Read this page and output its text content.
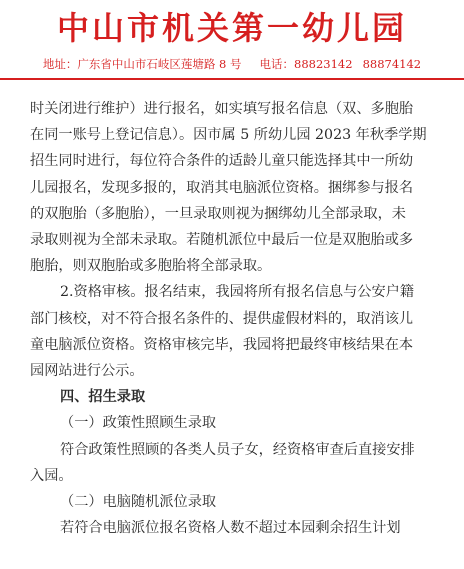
中山市机关第一幼儿园
地址：广东省中山市石岐区莲塘路 8 号 电话：88823142 88874142

时关闭进行维护）进行报名，如实填写报名信息（双、多胞胎

在同一账号上登记信息）。因市属 5 所幼儿园 2023 年秋季学期

招生同时进行，每位符合条件的适龄儿童只能选择其中一所幼

儿园报名，发现多报的，取消其电脑派位资格。捆绑参与报名

的双胞胎（多胞胎），一旦录取则视为捆绑幼儿全部录取，未

录取则视为全部未录取。若随机派位中最后一位是双胞胎或多

胞胎，则双胞胎或多胞胎将全部录取。

2.资格审核。报名结束，我园将所有报名信息与公安户籍

部门核校，对不符合报名条件的、提供虚假材料的，取消该儿

童电脑派位资格。资格审核完毕，我园将把最终审核结果在本

园网站进行公示。

四、招生录取

（一）政策性照顾生录取

符合政策性照顾的各类人员子女，经资格审查后直接安排

入园。

（二）电脑随机派位录取

若符合电脑派位报名资格人数不超过本园剩余招生计划
